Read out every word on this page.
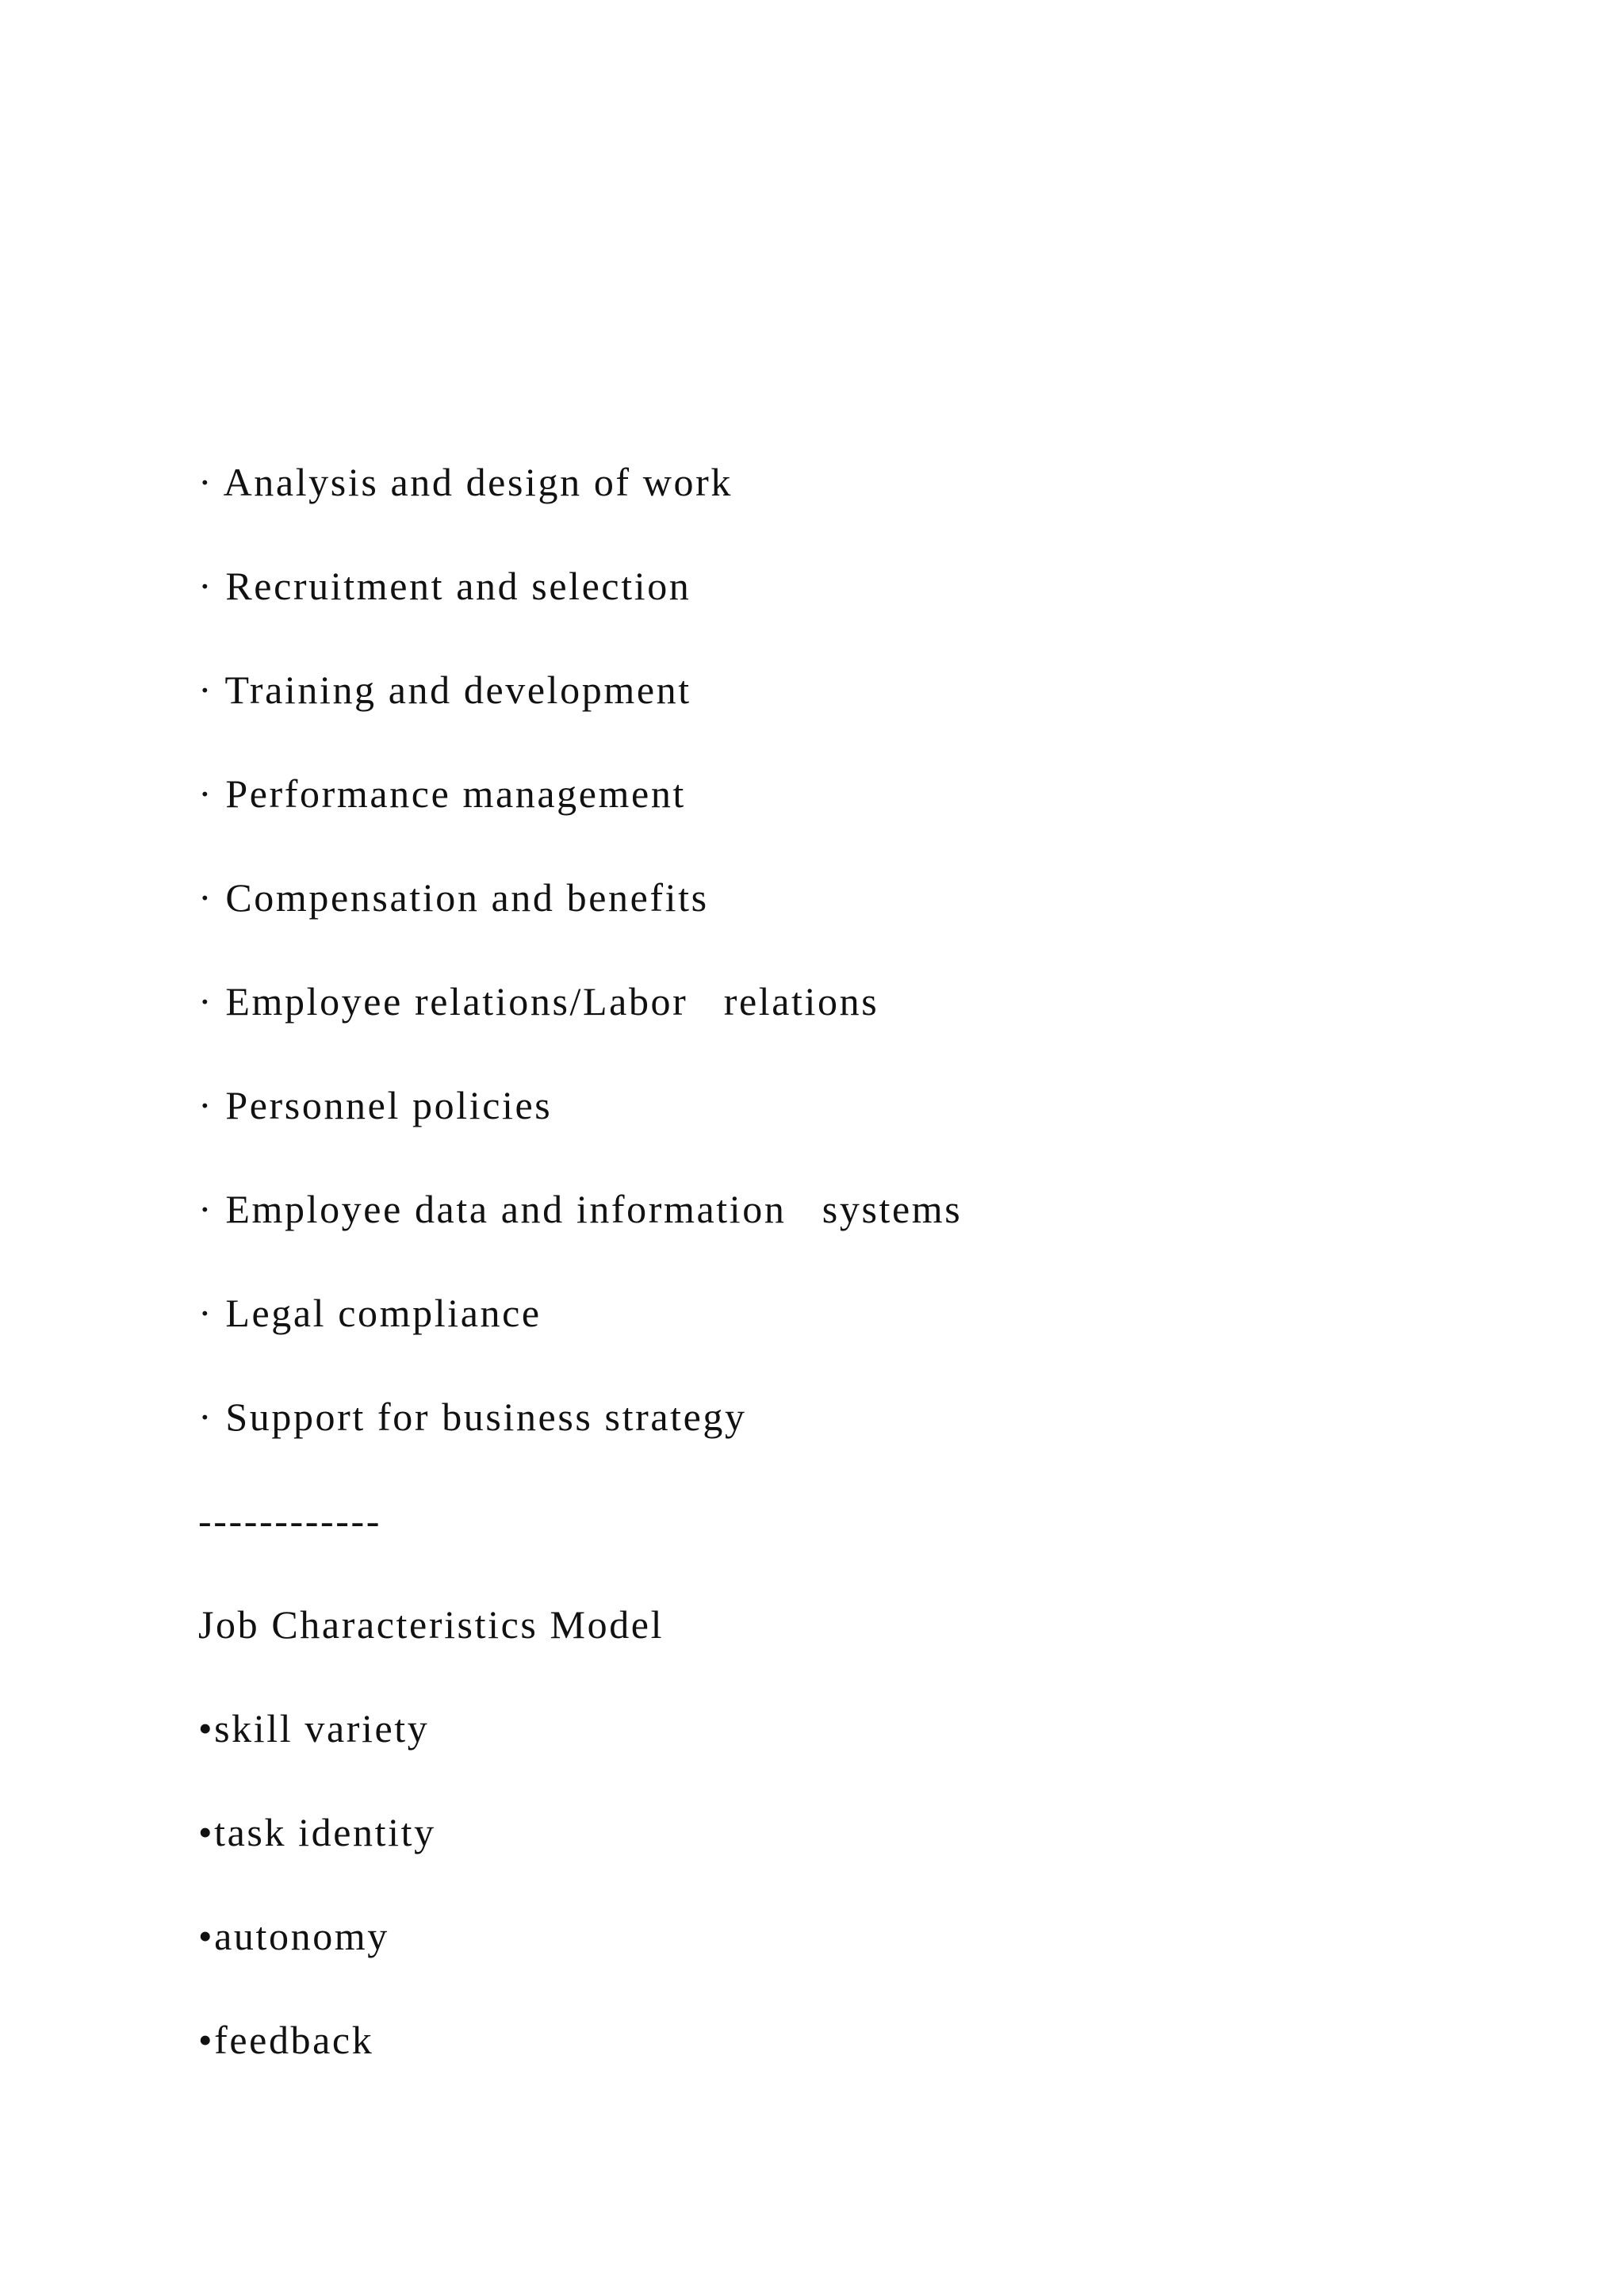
· Analysis and design of work

· Recruitment and selection

· Training and development

· Performance management

· Compensation and benefits

· Employee relations/Labor   relations

· Personnel policies

· Employee data and information   systems

· Legal compliance

· Support for business strategy

------------

Job Characteristics Model

•skill variety

•task identity

•autonomy

•feedback
